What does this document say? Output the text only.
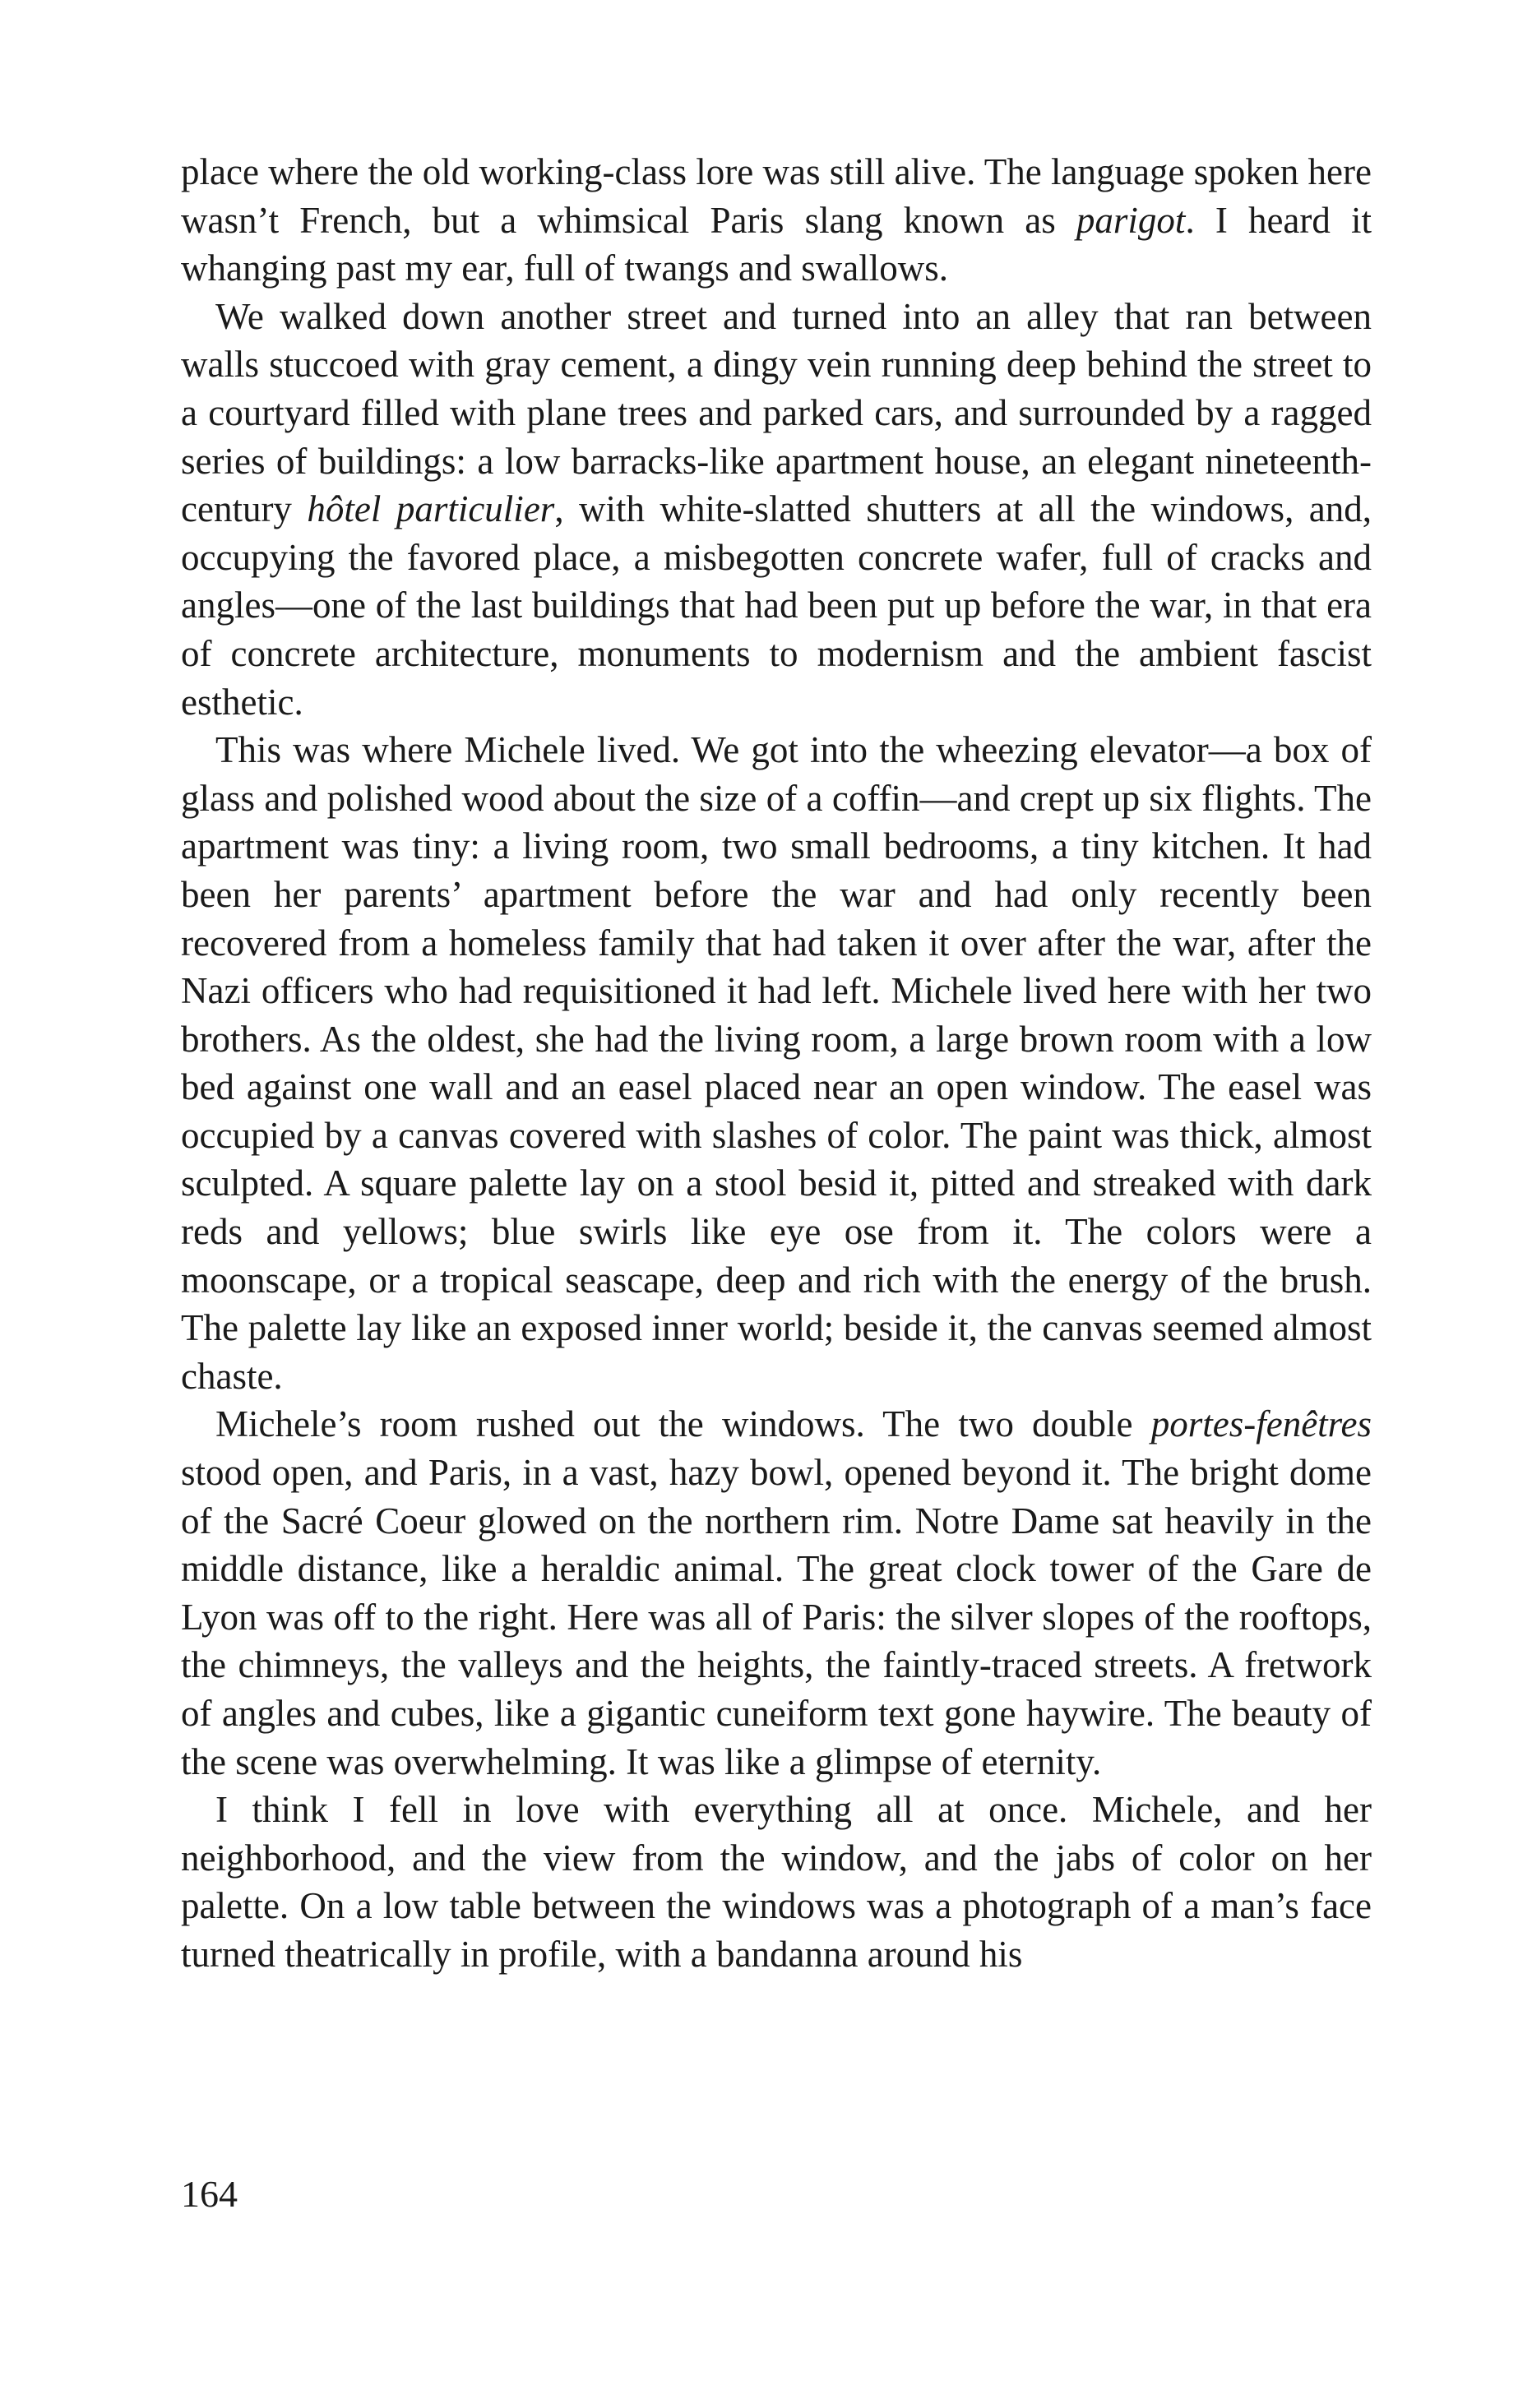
place where the old working-class lore was still alive. The language spoken here wasn’t French, but a whimsical Paris slang known as parigot. I heard it whanging past my ear, full of twangs and swallows.

We walked down another street and turned into an alley that ran between walls stuccoed with gray cement, a dingy vein running deep behind the street to a courtyard filled with plane trees and parked cars, and surrounded by a ragged series of buildings: a low barracks-like apartment house, an elegant nineteenth-century hôtel particulier, with white-slatted shutters at all the windows, and, occupying the favored place, a misbegotten concrete wafer, full of cracks and angles—one of the last buildings that had been put up before the war, in that era of concrete architecture, monuments to modernism and the ambient fascist esthetic.

This was where Michele lived. We got into the wheezing elevator—a box of glass and polished wood about the size of a coffin—and crept up six flights. The apartment was tiny: a living room, two small bedrooms, a tiny kitchen. It had been her parents’ apartment before the war and had only recently been recovered from a homeless family that had taken it over after the war, after the Nazi officers who had requisitioned it had left. Michele lived here with her two brothers. As the oldest, she had the living room, a large brown room with a low bed against one wall and an easel placed near an open window. The easel was occupied by a canvas covered with slashes of color. The paint was thick, almost sculpted. A square palette lay on a stool besid it, pitted and streaked with dark reds and yellows; blue swirls like eye ose from it. The colors were a moonscape, or a tropical seascape, deep and rich with the energy of the brush. The palette lay like an exposed inner world; beside it, the canvas seemed almost chaste.

Michele’s room rushed out the windows. The two double portes-fenêtres stood open, and Paris, in a vast, hazy bowl, opened beyond it. The bright dome of the Sacré Coeur glowed on the northern rim. Notre Dame sat heavily in the middle distance, like a heraldic animal. The great clock tower of the Gare de Lyon was off to the right. Here was all of Paris: the silver slopes of the rooftops, the chimneys, the valleys and the heights, the faintly-traced streets. A fretwork of angles and cubes, like a gigantic cuneiform text gone haywire. The beauty of the scene was overwhelming. It was like a glimpse of eternity.

I think I fell in love with everything all at once. Michele, and her neighborhood, and the view from the window, and the jabs of color on her palette. On a low table between the windows was a photograph of a man’s face turned theatrically in profile, with a bandanna around his

164
